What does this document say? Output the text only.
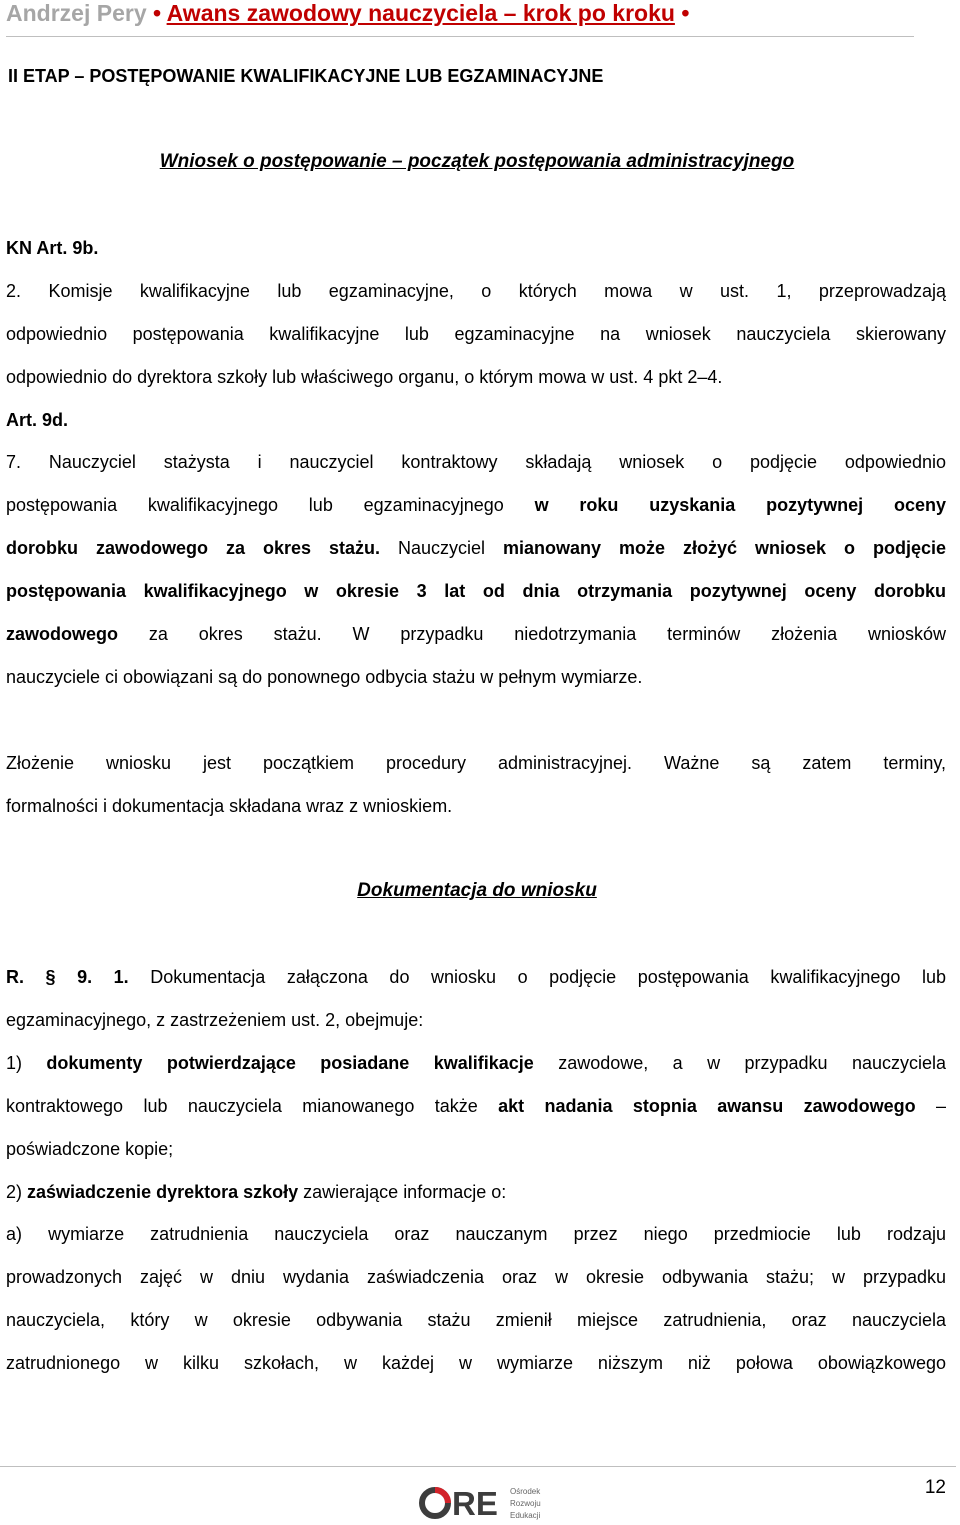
Andrzej Pery • Awans zawodowy nauczyciela – krok po kroku •
II ETAP – POSTĘPOWANIE KWALIFIKACYJNE LUB EGZAMINACYJNE
Wniosek o postępowanie – początek postępowania administracyjnego
KN Art. 9b.
2. Komisje kwalifikacyjne lub egzaminacyjne, o których mowa w ust. 1, przeprowadzają
odpowiednio postępowania kwalifikacyjne lub egzaminacyjne na wniosek nauczyciela skierowany
odpowiednio do dyrektora szkoły lub właściwego organu, o którym mowa w ust. 4 pkt 2–4.
Art. 9d.
7. Nauczyciel stażysta i nauczyciel kontraktowy składają wniosek o podjęcie odpowiednio
postępowania kwalifikacyjnego lub egzaminacyjnego w roku uzyskania pozytywnej oceny
dorobku zawodowego za okres stażu. Nauczyciel mianowany może złożyć wniosek o podjęcie
postępowania kwalifikacyjnego w okresie 3 lat od dnia otrzymania pozytywnej oceny dorobku
zawodowego za okres stażu. W przypadku niedotrzymania terminów złożenia wniosków
nauczyciele ci obowiązani są do ponownego odbycia stażu w pełnym wymiarze.
Złożenie wniosku jest początkiem procedury administracyjnej. Ważne są zatem terminy,
formalności i dokumentacja składana wraz z wnioskiem.
Dokumentacja do wniosku
R. § 9. 1. Dokumentacja załączona do wniosku o podjęcie postępowania kwalifikacyjnego lub
egzaminacyjnego, z zastrzeżeniem ust. 2, obejmuje:
1) dokumenty potwierdzające posiadane kwalifikacje zawodowe, a w przypadku nauczyciela
kontraktowego lub nauczyciela mianowanego także akt nadania stopnia awansu zawodowego –
poświadczone kopie;
2) zaświadczenie dyrektora szkoły zawierające informacje o:
a) wymiarze zatrudnienia nauczyciela oraz nauczanym przez niego przedmiocie lub rodzaju
prowadzonych zajęć w dniu wydania zaświadczenia oraz w okresie odbywania stażu; w przypadku
nauczyciela, który w okresie odbywania stażu zmienił miejsce zatrudnienia, oraz nauczyciela
zatrudnionego w kilku szkołach, w każdej w wymiarze niższym niż połowa obowiązkowego
12
RE Ośrodek
Rozwoju
Edukacji
